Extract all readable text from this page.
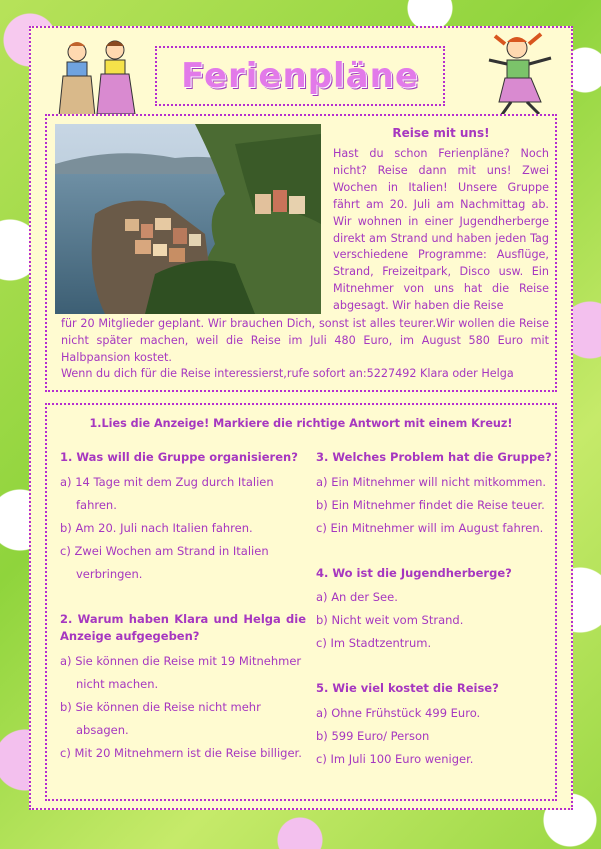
Ferienpläne
Reise mit uns!
Hast du schon Ferienpläne? Noch nicht? Reise dann mit uns! Zwei Wochen in Italien! Unsere Gruppe fährt am 20. Juli am Nachmittag ab. Wir wohnen in einer Jugendherberge direkt am Strand und haben jeden Tag verschiedene Programme: Ausflüge, Strand, Freizeitpark, Disco usw. Ein Mitnehmer von uns hat die Reise abgesagt. Wir haben die Reise
für 20 Mitglieder geplant. Wir brauchen Dich, sonst ist alles teurer.Wir wollen die Reise nicht später machen, weil die Reise im Juli 480 Euro, im August 580 Euro mit Halbpansion kostet.
Wenn du dich für die Reise interessierst,rufe sofort an:5227492 Klara oder Helga
1.Lies die Anzeige! Markiere die richtige Antwort mit einem Kreuz!
1. Was will die Gruppe organisieren?
a) 14 Tage mit dem Zug durch Italien fahren.
b) Am 20. Juli nach Italien fahren.
c) Zwei Wochen am Strand in Italien verbringen.
2. Warum haben Klara und Helga die Anzeige aufgegeben?
a) Sie können die Reise mit 19 Mitnehmer nicht machen.
b) Sie können die Reise nicht mehr absagen.
c) Mit 20 Mitnehmern ist die Reise billiger.
3. Welches Problem hat die Gruppe?
a) Ein Mitnehmer will nicht mitkommen.
b) Ein Mitnehmer findet die Reise teuer.
c) Ein Mitnehmer will im August fahren.
4. Wo ist die Jugendherberge?
a) An der See.
b) Nicht weit vom Strand.
c) Im Stadtzentrum.
5. Wie viel kostet die Reise?
a) Ohne Frühstück 499 Euro.
b) 599 Euro/ Person
c) Im Juli 100 Euro weniger.
